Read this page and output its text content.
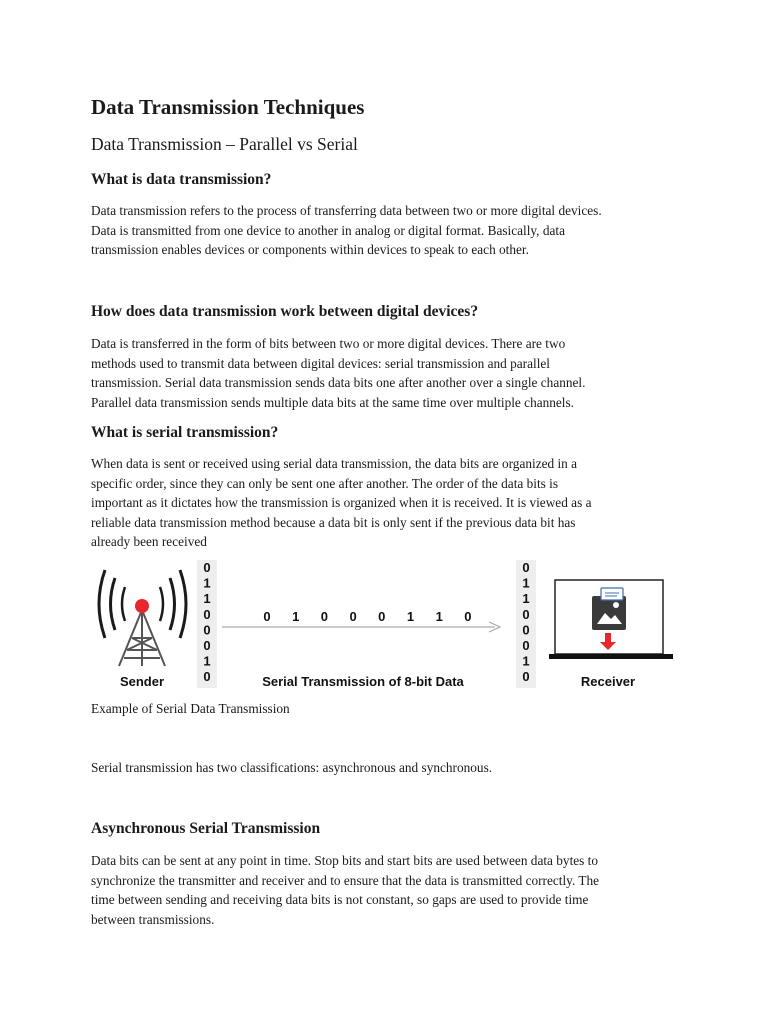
Data Transmission Techniques
Data Transmission – Parallel vs Serial
What is data transmission?

Data transmission refers to the process of transferring data between two or more digital devices.
Data is transmitted from one device to another in analog or digital format. Basically, data
transmission enables devices or components within devices to speak to each other.

How does data transmission work between digital devices?

Data is transferred in the form of bits between two or more digital devices. There are two
methods used to transmit data between digital devices: serial transmission and parallel
transmission. Serial data transmission sends data bits one after another over a single channel.
Parallel data transmission sends multiple data bits at the same time over multiple channels.

What is serial transmission?

When data is sent or received using serial data transmission, the data bits are organized in a
specific order, since they can only be sent one after another. The order of the data bits is
important as it dictates how the transmission is organized when it is received. It is viewed as a
reliable data transmission method because a data bit is only sent if the previous data bit has
already been received

Example of Serial Data Transmission

Serial transmission has two classifications: asynchronous and synchronous.

Asynchronous Serial Transmission

Data bits can be sent at any point in time. Stop bits and start bits are used between data bytes to
synchronize the transmitter and receiver and to ensure that the data is transmitted correctly. The
time between sending and receiving data bits is not constant, so gaps are used to provide time
between transmissions.

Sender
0
1
1
0
0
0
1
0
0 1 0 0 0 1 1 0
Serial Transmission of 8-bit Data
0
1
1
0
0
0
1
0	Receiver
